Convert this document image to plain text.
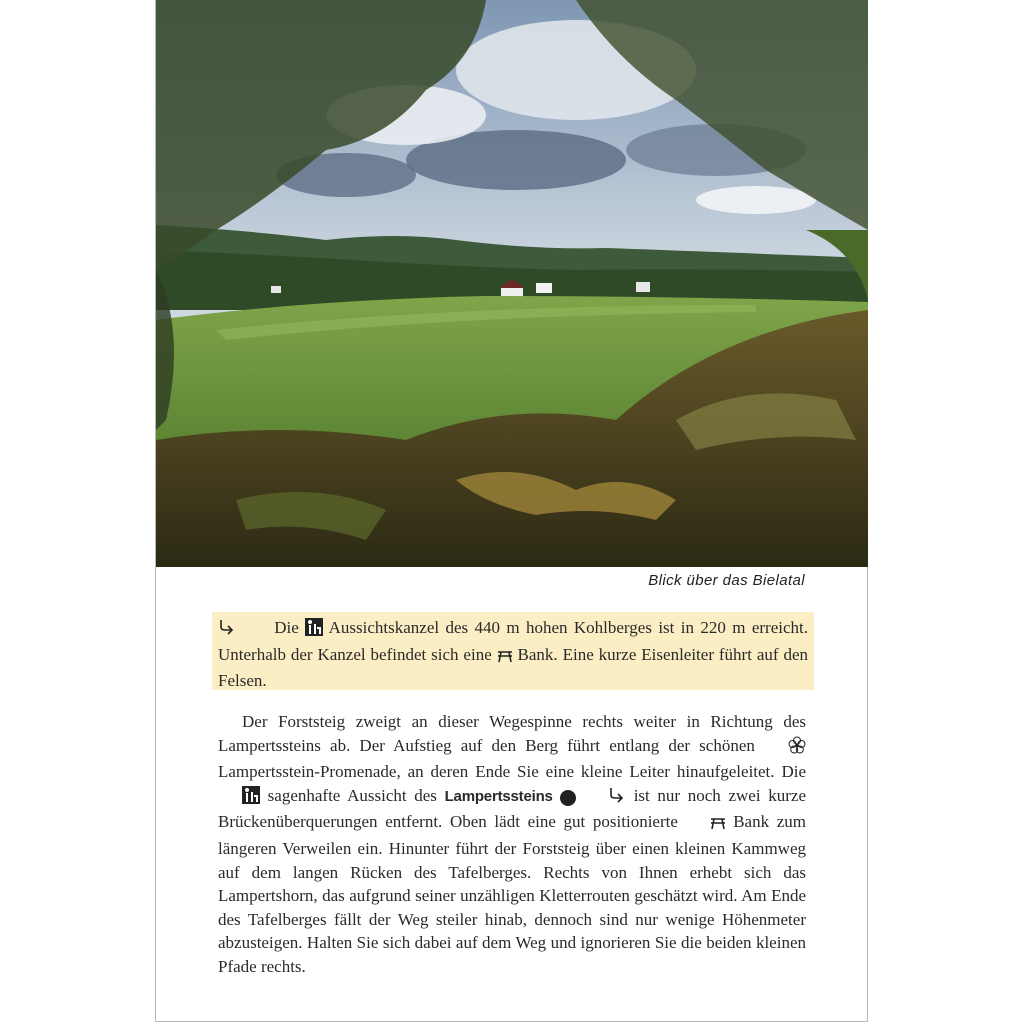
Blick über das Bielatal
Die Aussichtskanzel des 440 m hohen Kohlberges ist in 220 m erreicht. Unterhalb der Kanzel befindet sich eine Bank. Eine kurze Eisenleiter führt auf den Felsen.

Der Forststeig zweigt an dieser Wegespinne rechts weiter in Richtung des Lampertssteins ab. Der Aufstieg auf den Berg führt entlang der schönen  Lampertsstein-Promenade, an deren Ende Sie eine kleine Leiter hinaufgeleitet. Die  sagenhafte Aussicht des Lampertssteins	2	ist nur noch zwei kurze Brückenüberquerungen entfernt. Oben lädt eine gut positionierte	Bank zum längeren Verweilen ein. Hinunter führt der Forststeig über einen kleinen Kammweg auf dem langen Rücken des Tafelberges. Rechts von Ihnen erhebt sich das Lampertshorn, das aufgrund seiner unzähligen Kletterrouten geschätzt wird. Am Ende des Tafelberges fällt der Weg steiler hinab, dennoch sind nur wenige Höhenmeter abzusteigen. Halten Sie sich dabei auf dem Weg und ignorieren Sie die beiden kleinen Pfade rechts.
